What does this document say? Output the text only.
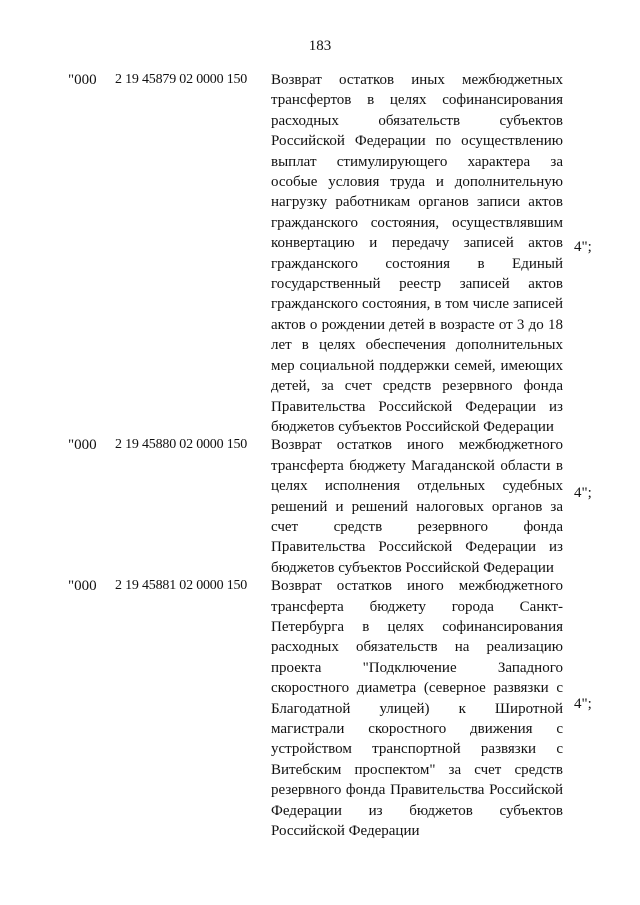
183
"000 2 19 45879 02 0000 150 Возврат остатков иных межбюджетных трансфертов в целях софинансирования расходных обязательств субъектов Российской Федерации по осуществлению выплат стимулирующего характера за особые условия труда и дополнительную нагрузку работникам органов записи актов гражданского состояния, осуществлявшим конвертацию и передачу записей актов гражданского состояния в Единый государственный реестр записей актов гражданского состояния, в том числе записей актов о рождении детей в возрасте от 3 до 18 лет в целях обеспечения дополнительных мер социальной поддержки семей, имеющих детей, за счет средств резервного фонда Правительства Российской Федерации из бюджетов субъектов Российской Федерации
4";
"000 2 19 45880 02 0000 150 Возврат остатков иного межбюджетного трансферта бюджету Магаданской области в целях исполнения отдельных судебных решений и решений налоговых органов за счет средств резервного фонда Правительства Российской Федерации из бюджетов субъектов Российской Федерации
4";
"000 2 19 45881 02 0000 150 Возврат остатков иного межбюджетного трансферта бюджету города Санкт-Петербурга в целях софинансирования расходных обязательств на реализацию проекта "Подключение Западного скоростного диаметра (северное развязки с Благодатной улицей) к Широтной магистрали скоростного движения с устройством транспортной развязки с Витебским проспектом" за счет средств резервного фонда Правительства Российской Федерации из бюджетов субъектов Российской Федерации
4";
